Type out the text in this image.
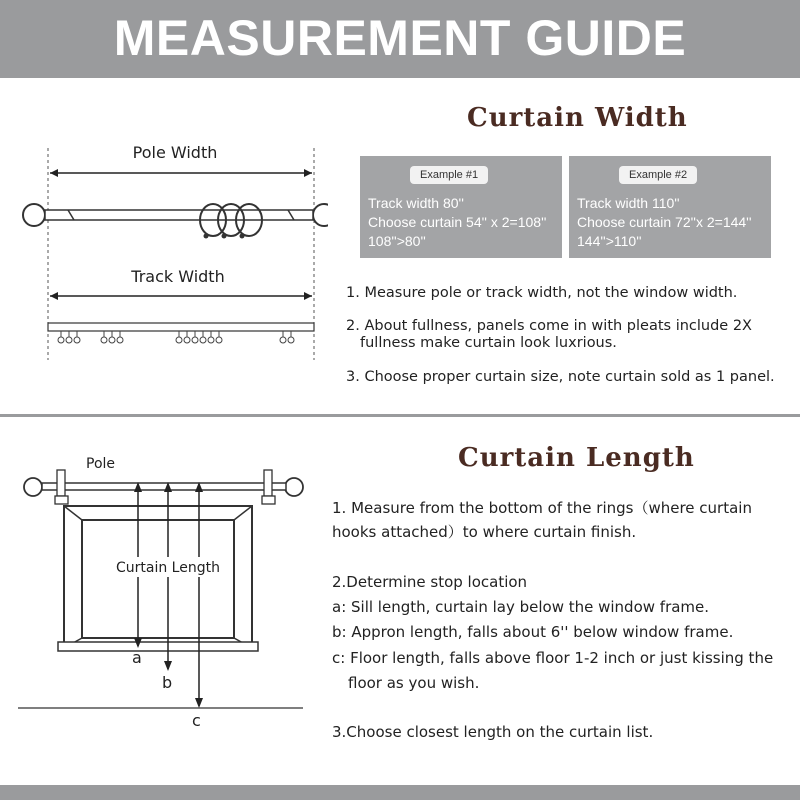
MEASUREMENT GUIDE
Curtain Width
Pole Width
Track Width
Example #1
Track width 80''
Choose curtain 54'' x 2=108''
108''>80''
Example #2
Track width 110''
Choose curtain 72''x 2=144''
144''>110''
1. Measure pole or track width, not the window width.
2. About fullness, panels come in with pleats include 2X
fullness make curtain look luxrious.
3. Choose proper curtain size, note curtain sold as 1 panel.
Curtain Length
Pole
Curtain Length
a
b
c
1. Measure from the bottom of the rings（where curtain
hooks attached）to where curtain finish.
2.Determine stop location
a: Sill length, curtain lay below the window frame.
b: Appron length, falls about 6'' below window frame.
c: Floor length, falls above floor 1-2 inch or just kissing the
floor as you wish.
3.Choose closest length on the curtain list.
